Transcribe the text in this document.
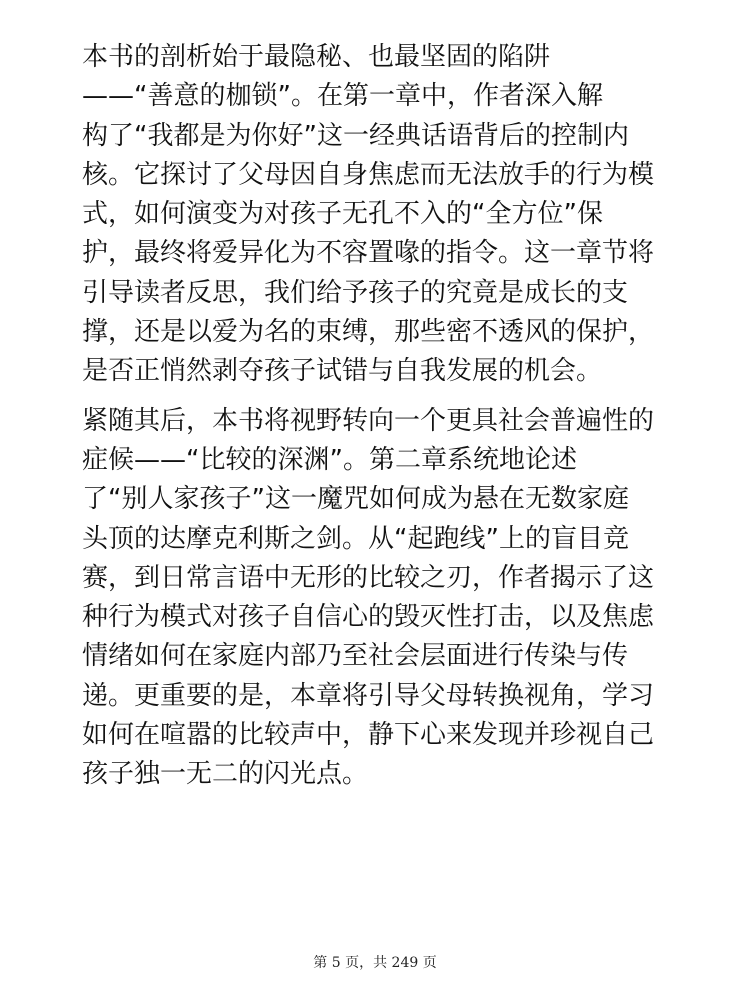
本书的剖析始于最隐秘、也最坚固的陷阱
——“善意的枷锁”。在第一章中，作者深入解
构了“我都是为你好”这一经典话语背后的控制内
核。它探讨了父母因自身焦虑而无法放手的行为模
式，如何演变为对孩子无孔不入的“全方位”保
护，最终将爱异化为不容置喙的指令。这一章节将
引导读者反思，我们给予孩子的究竟是成长的支
撑，还是以爱为名的束缚，那些密不透风的保护，
是否正悄然剥夺孩子试错与自我发展的机会。
紧随其后，本书将视野转向一个更具社会普遍性的
症候——“比较的深渊”。第二章系统地论述
了“别人家孩子”这一魔咒如何成为悬在无数家庭
头顶的达摩克利斯之剑。从“起跑线”上的盲目竞
赛，到日常言语中无形的比较之刃，作者揭示了这
种行为模式对孩子自信心的毁灭性打击，以及焦虑
情绪如何在家庭内部乃至社会层面进行传染与传
递。更重要的是，本章将引导父母转换视角，学习
如何在喧嚣的比较声中，静下心来发现并珍视自己
孩子独一无二的闪光点。
第 5 页，共 249 页
